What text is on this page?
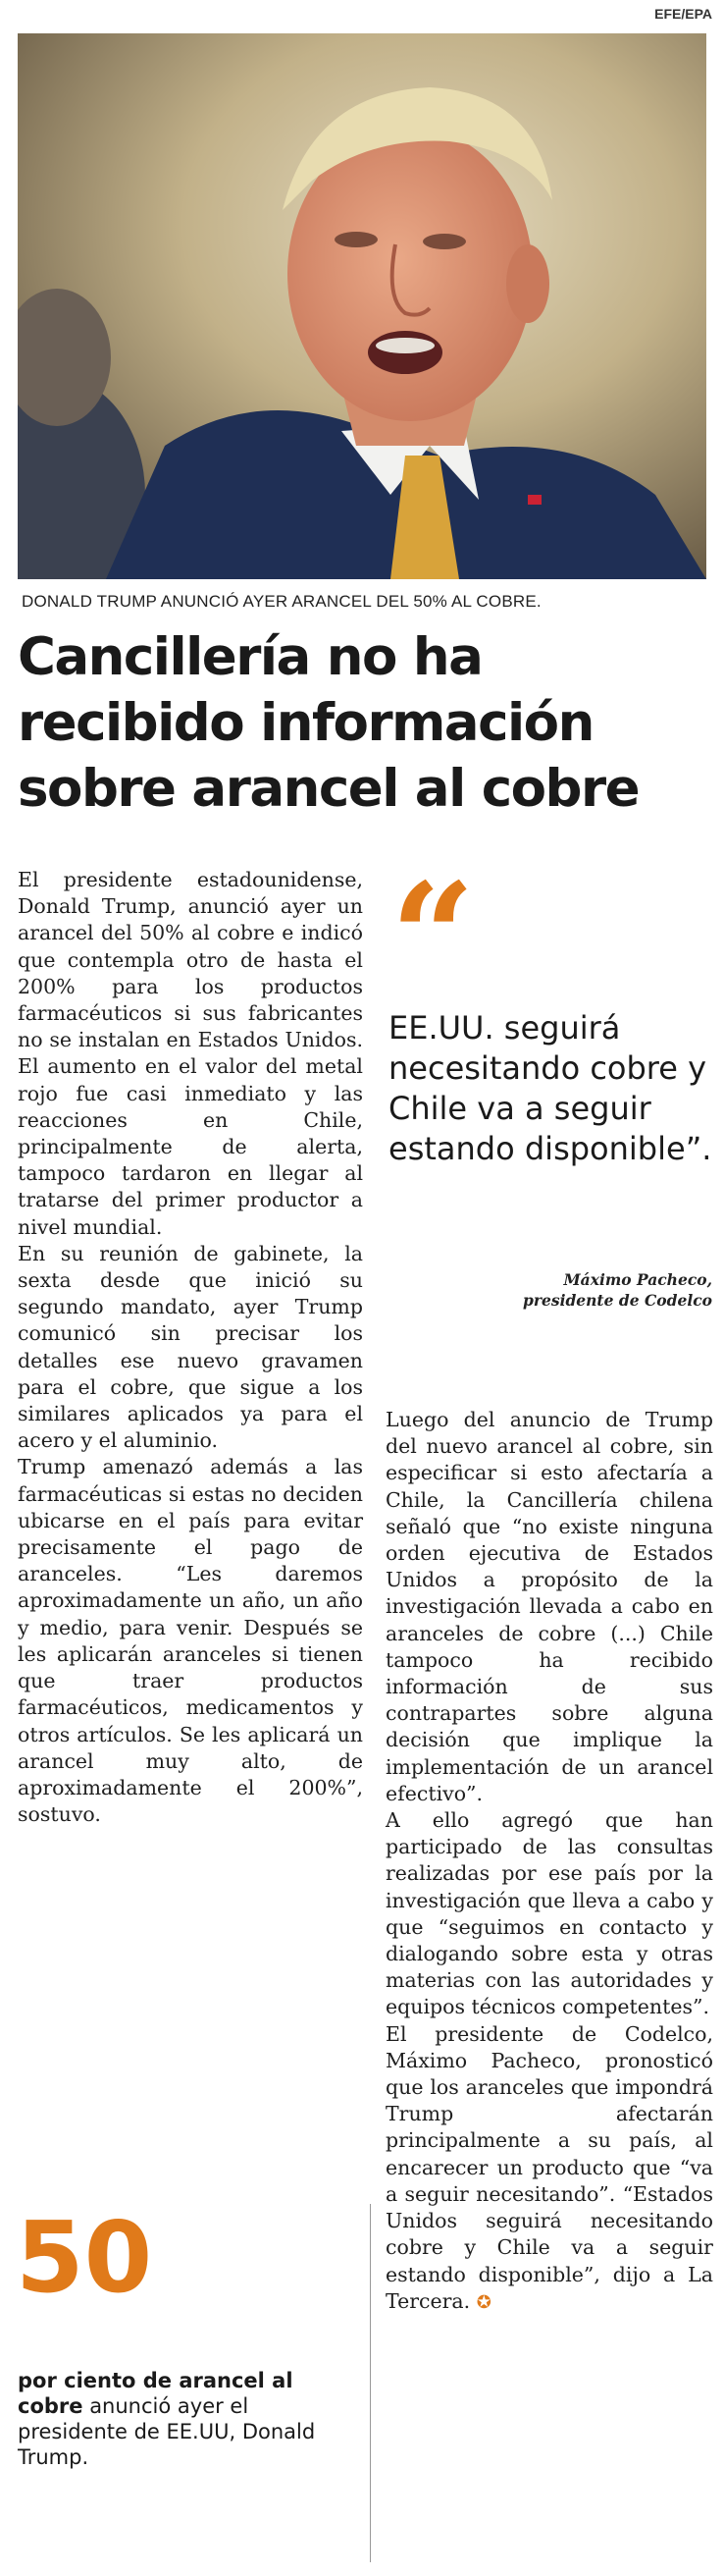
EFE/EPA
DONALD TRUMP ANUNCIÓ AYER ARANCEL DEL 50% AL COBRE.
Cancillería no ha recibido información sobre arancel al cobre

El presidente estadounidense, Donald Trump, anunció ayer un arancel del 50% al cobre e indicó que contempla otro de hasta el 200% para los productos farmacéuticos si sus fabricantes no se instalan en Estados Unidos. El aumento en el valor del metal rojo fue casi inmediato y las reacciones en Chile, principalmente de alerta, tampoco tardaron en llegar al tratarse del primer productor a nivel mundial.

En su reunión de gabinete, la sexta desde que inició su segundo mandato, ayer Trump comunicó sin precisar los detalles ese nuevo gravamen para el cobre, que sigue a los similares aplicados ya para el acero y el aluminio.

Trump amenazó además a las farmacéuticas si estas no deciden ubicarse en el país para evitar precisamente el pago de aranceles. “Les daremos aproximadamente un año, un año y medio, para venir. Después se les aplicarán aranceles si tienen que traer productos farmacéuticos, medicamentos y otros artículos. Se les aplicará un arancel muy alto, de aproximadamente el 200%”, sostuvo.

“
EE.UU. seguirá necesitando cobre y Chile va a seguir estando disponible”.
Máximo Pacheco,
presidente de Codelco

Luego del anuncio de Trump del nuevo arancel al cobre, sin especificar si esto afectaría a Chile, la Cancillería chilena señaló que “no existe ninguna orden ejecutiva de Estados Unidos a propósito de la investigación llevada a cabo en aranceles de cobre (...) Chile tampoco ha recibido información de sus contrapartes sobre alguna decisión que implique la implementación de un arancel efectivo”.

A ello agregó que han participado de las consultas realizadas por ese país por la investigación que lleva a cabo y que “seguimos en contacto y dialogando sobre esta y otras materias con las autoridades y equipos técnicos competentes”.

El presidente de Codelco, Máximo Pacheco, pronosticó que los aranceles que impondrá Trump afectarán principalmente a su país, al encarecer un producto que “va a seguir necesitando”. “Estados Unidos seguirá necesitando cobre y Chile va a seguir estando disponible”, dijo a La Tercera. ✪

50
por ciento de arancel al cobre anunció ayer el presidente de EE.UU, Donald Trump.
